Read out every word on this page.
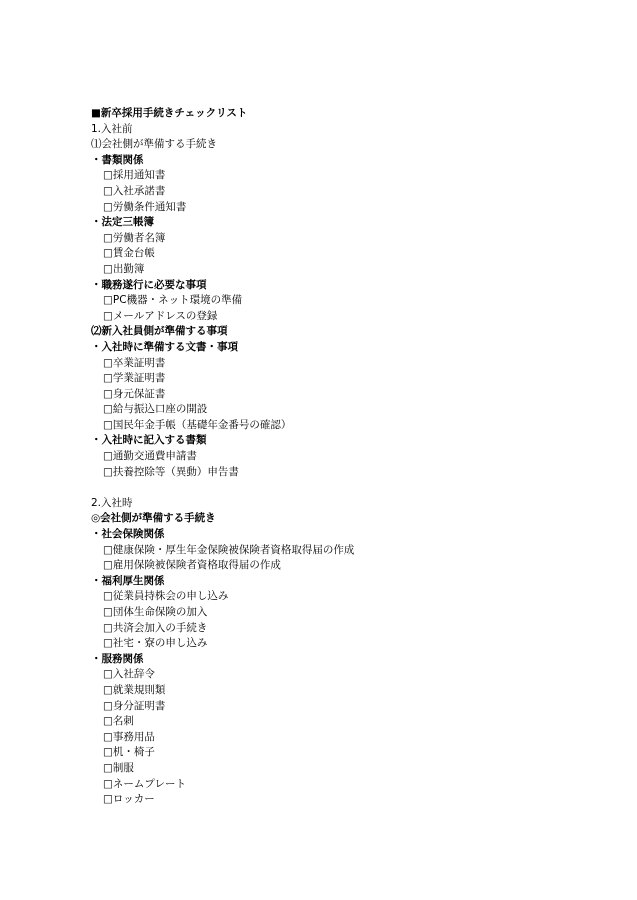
■新卒採用手続きチェックリスト
1.入社前
⑴会社側が準備する手続き
・書類関係
□採用通知書
□入社承諾書
□労働条件通知書
・法定三帳簿
□労働者名簿
□賃金台帳
□出勤簿
・職務遂行に必要な事項
□PC機器・ネット環境の準備
□メールアドレスの登録
⑵新入社員側が準備する事項
・入社時に準備する文書・事項
□卒業証明書
□学業証明書
□身元保証書
□給与振込口座の開設
□国民年金手帳（基礎年金番号の確認）
・入社時に記入する書類
□通勤交通費申請書
□扶養控除等（異動）申告書
2.入社時
◎会社側が準備する手続き
・社会保険関係
□健康保険・厚生年金保険被保険者資格取得届の作成
□雇用保険被保険者資格取得届の作成
・福利厚生関係
□従業員持株会の申し込み
□団体生命保険の加入
□共済会加入の手続き
□社宅・寮の申し込み
・服務関係
□入社辞令
□就業規則類
□身分証明書
□名刺
□事務用品
□机・椅子
□制服
□ネームプレート
□ロッカー
